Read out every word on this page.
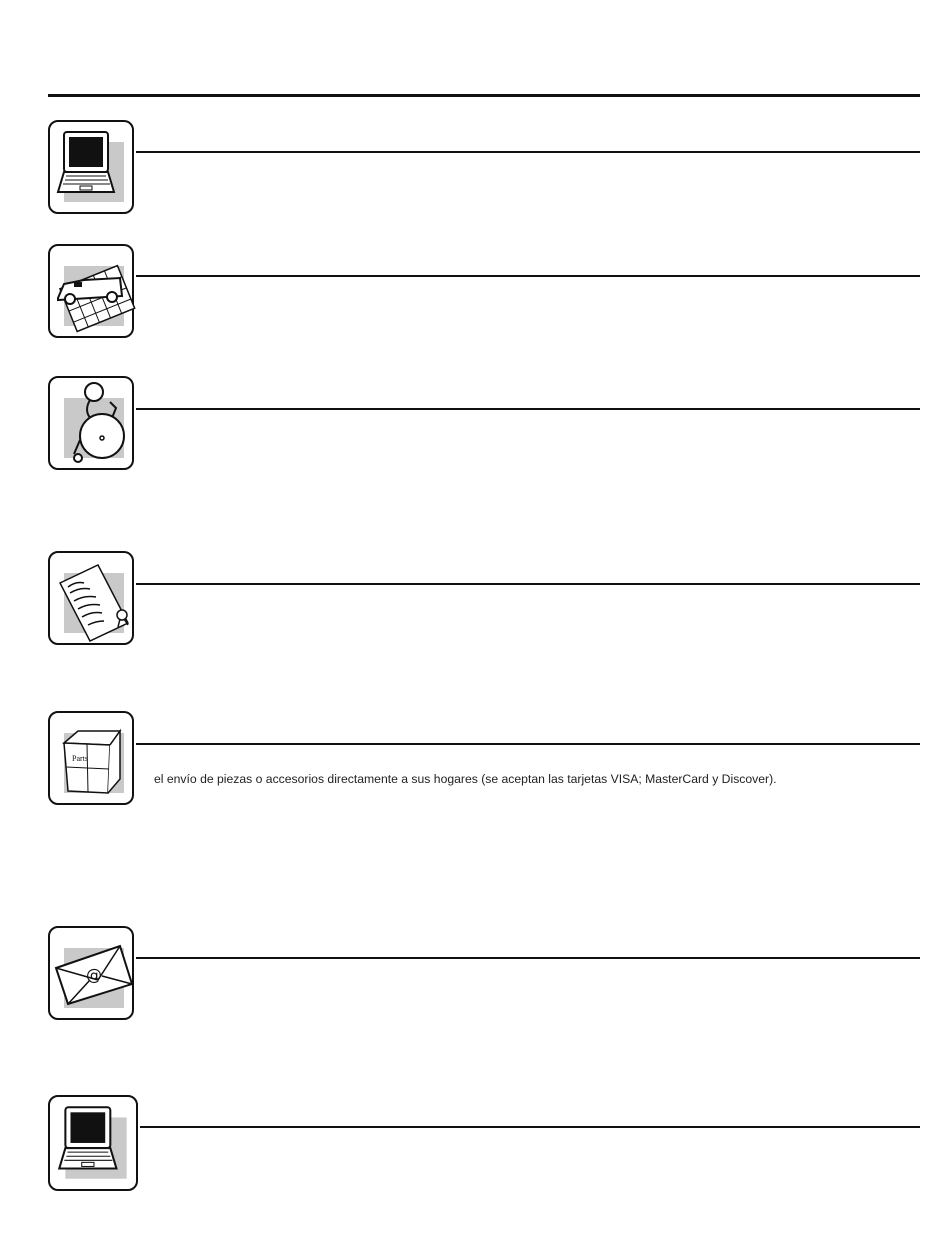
Parts
el envío de piezas o accesorios directamente a sus hogares (se aceptan las tarjetas VISA; MasterCard y Discover).
@
